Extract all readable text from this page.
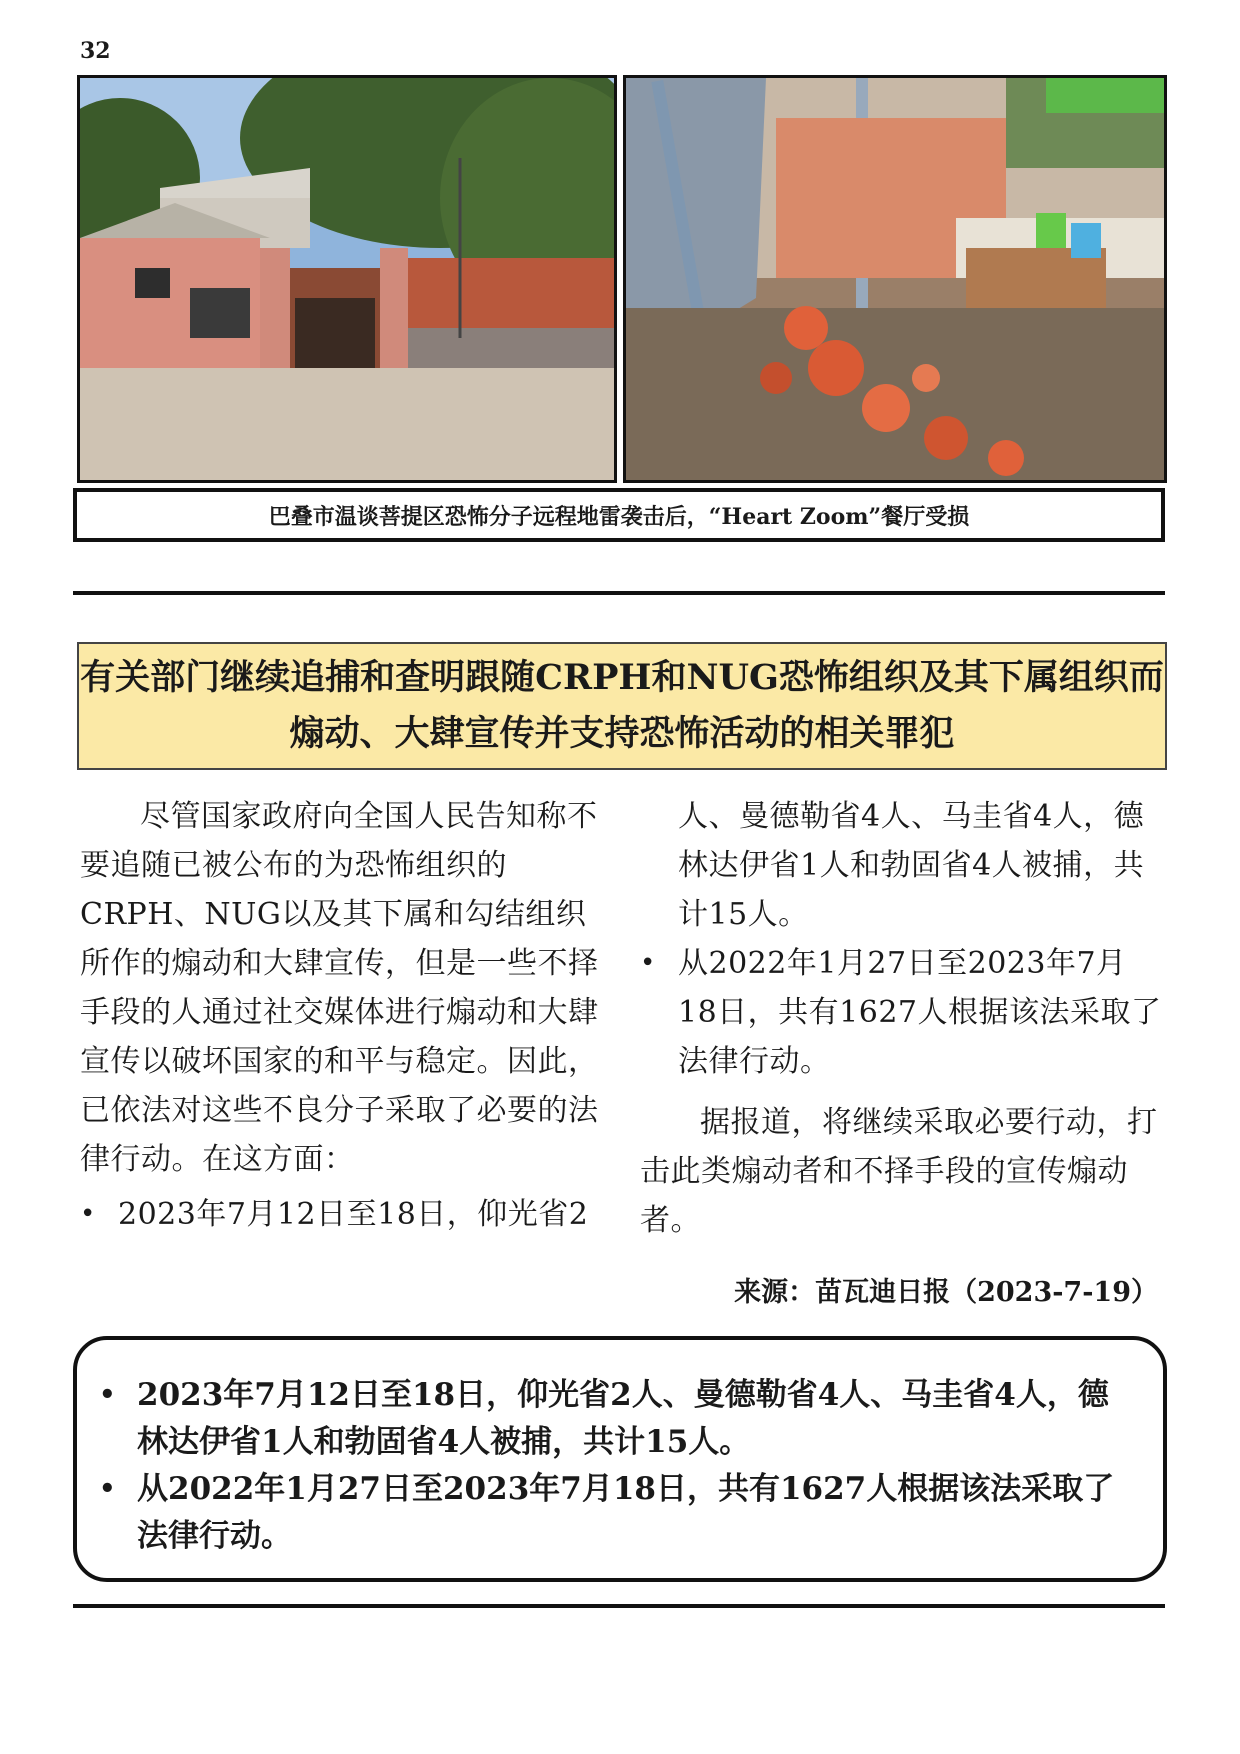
32
巴叠市温谈菩提区恐怖分子远程地雷袭击后，“Heart Zoom”餐厅受损
有关部门继续追捕和查明跟随CRPH和NUG恐怖组织及其下属组织而
煽动、大肆宣传并支持恐怖活动的相关罪犯

尽管国家政府向全国人民告知称不要追随已被公布的为恐怖组织的CRPH、NUG以及其下属和勾结组织所作的煽动和大肆宣传，但是一些不择手段的人通过社交媒体进行煽动和大肆宣传以破坏国家的和平与稳定。因此，已依法对这些不良分子采取了必要的法律行动。在这方面：

• 2023年7月12日至18日，仰光省2

人、曼德勒省4人、马圭省4人，德林达伊省1人和勃固省4人被捕，共计15人。

• 从2022年1月27日至2023年7月18日，共有1627人根据该法采取了法律行动。

据报道，将继续采取必要行动，打击此类煽动者和不择手段的宣传煽动者。

来源：苗瓦迪日报（2023-7-19）
• 2023年7月12日至18日，仰光省2人、曼德勒省4人、马圭省4人，德林达伊省1人和勃固省4人被捕，共计15人。
• 从2022年1月27日至2023年7月18日，共有1627人根据该法采取了法律行动。
